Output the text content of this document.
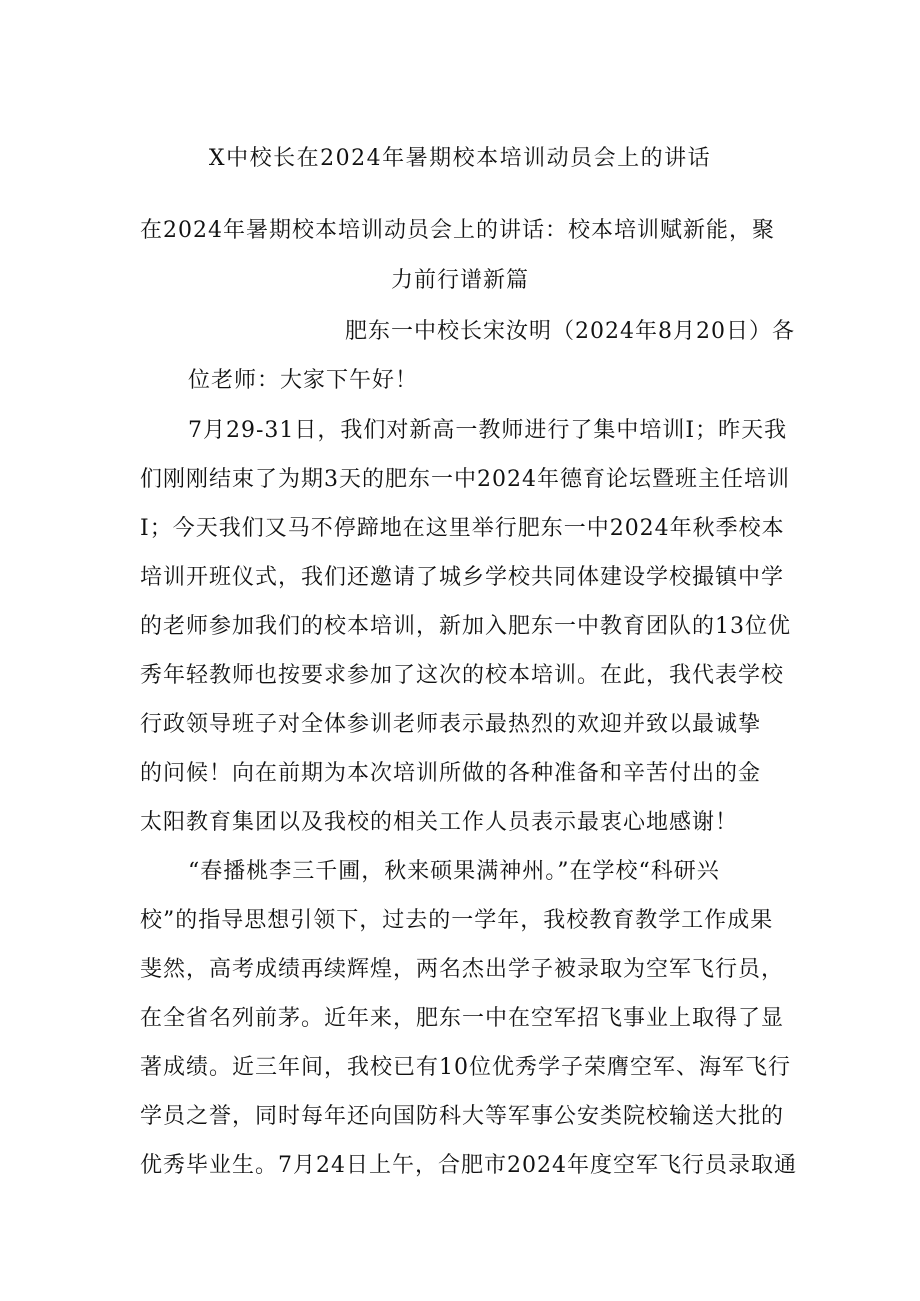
X中校长在2024年暑期校本培训动员会上的讲话
在2024年暑期校本培训动员会上的讲话：校本培训赋新能，聚
力前行谱新篇
肥东一中校长宋汝明（2024年8月20日）各
位老师：大家下午好！
7月29-31日，我们对新高一教师进行了集中培训I；昨天我
们刚刚结束了为期3天的肥东一中2024年德育论坛暨班主任培训
I；今天我们又马不停蹄地在这里举行肥东一中2024年秋季校本
培训开班仪式，我们还邀请了城乡学校共同体建设学校撮镇中学
的老师参加我们的校本培训，新加入肥东一中教育团队的13位优
秀年轻教师也按要求参加了这次的校本培训。在此，我代表学校
行政领导班子对全体参训老师表示最热烈的欢迎并致以最诚挚
的问候！向在前期为本次培训所做的各种准备和辛苦付出的金
太阳教育集团以及我校的相关工作人员表示最衷心地感谢！
“春播桃李三千圃，秋来硕果满神州。”在学校“科研兴
校”的指导思想引领下，过去的一学年，我校教育教学工作成果
斐然，高考成绩再续辉煌，两名杰出学子被录取为空军飞行员，
在全省名列前茅。近年来，肥东一中在空军招飞事业上取得了显
著成绩。近三年间，我校已有10位优秀学子荣膺空军、海军飞行
学员之誉，同时每年还向国防科大等军事公安类院校输送大批的
优秀毕业生。7月24日上午，合肥市2024年度空军飞行员录取通
